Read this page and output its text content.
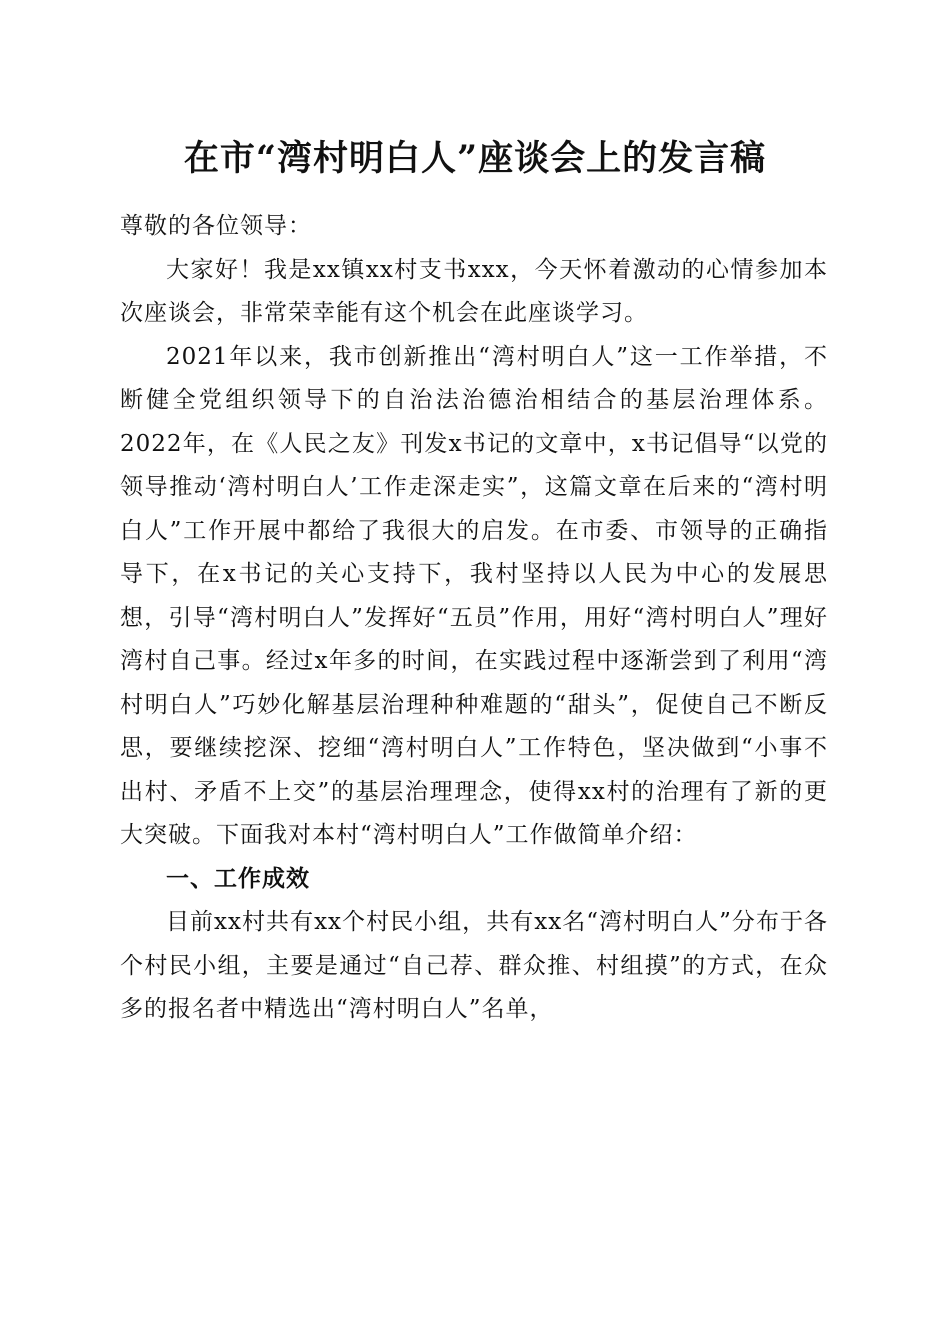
在市“湾村明白人”座谈会上的发言稿

尊敬的各位领导：

大家好！我是xx镇xx村支书xxx，今天怀着激动的心情参加本次座谈会，非常荣幸能有这个机会在此座谈学习。

2021年以来，我市创新推出“湾村明白人”这一工作举措，不断健全党组织领导下的自治法治德治相结合的基层治理体系。2022年，在《人民之友》刊发x书记的文章中，x书记倡导“以党的领导推动‘湾村明白人’工作走深走实”，这篇文章在后来的“湾村明白人”工作开展中都给了我很大的启发。在市委、市领导的正确指导下，在x书记的关心支持下，我村坚持以人民为中心的发展思想，引导“湾村明白人”发挥好“五员”作用，用好“湾村明白人”理好湾村自己事。经过x年多的时间，在实践过程中逐渐尝到了利用“湾村明白人”巧妙化解基层治理种种难题的“甜头”，促使自己不断反思，要继续挖深、挖细“湾村明白人”工作特色，坚决做到“小事不出村、矛盾不上交”的基层治理理念，使得xx村的治理有了新的更大突破。下面我对本村“湾村明白人”工作做简单介绍：

一、工作成效

目前xx村共有xx个村民小组，共有xx名“湾村明白人”分布于各个村民小组，主要是通过“自己荐、群众推、村组摸”的方式，在众多的报名者中精选出“湾村明白人”名单，
